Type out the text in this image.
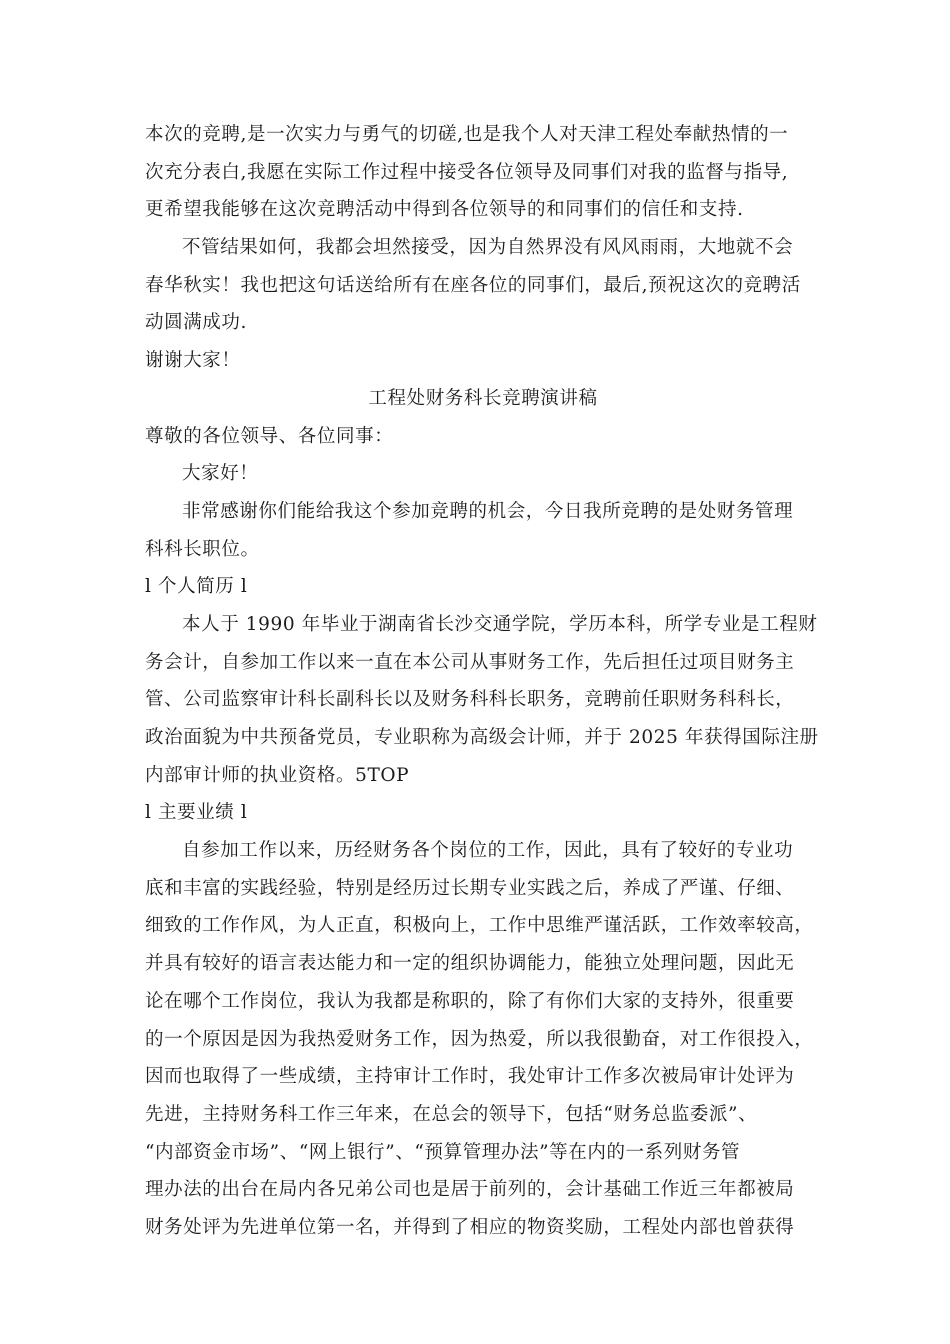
本次的竞聘,是一次实力与勇气的切磋,也是我个人对天津工程处奉献热情的一
次充分表白,我愿在实际工作过程中接受各位领导及同事们对我的监督与指导,
更希望我能够在这次竞聘活动中得到各位领导的和同事们的信任和支持.
不管结果如何，我都会坦然接受，因为自然界没有风风雨雨，大地就不会
春华秋实！我也把这句话送给所有在座各位的同事们，最后,预祝这次的竞聘活
动圆满成功.
谢谢大家！
工程处财务科长竞聘演讲稿
尊敬的各位领导、各位同事：
大家好！
非常感谢你们能给我这个参加竞聘的机会，今日我所竞聘的是处财务管理
科科长职位。
l 个人简历 l
本人于 1990 年毕业于湖南省长沙交通学院，学历本科，所学专业是工程财
务会计，自参加工作以来一直在本公司从事财务工作，先后担任过项目财务主
管、公司监察审计科长副科长以及财务科科长职务，竞聘前任职财务科科长，
政治面貌为中共预备党员，专业职称为高级会计师，并于 2025 年获得国际注册
内部审计师的执业资格。5TOP
l 主要业绩 l
自参加工作以来，历经财务各个岗位的工作，因此，具有了较好的专业功
底和丰富的实践经验，特别是经历过长期专业实践之后，养成了严谨、仔细、
细致的工作作风，为人正直，积极向上，工作中思维严谨活跃，工作效率较高，
并具有较好的语言表达能力和一定的组织协调能力，能独立处理问题，因此无
论在哪个工作岗位，我认为我都是称职的，除了有你们大家的支持外，很重要
的一个原因是因为我热爱财务工作，因为热爱，所以我很勤奋，对工作很投入，
因而也取得了一些成绩，主持审计工作时，我处审计工作多次被局审计处评为
先进，主持财务科工作三年来，在总会的领导下，包括“财务总监委派”、
“内部资金市场”、“网上银行”、“预算管理办法”等在内的一系列财务管
理办法的出台在局内各兄弟公司也是居于前列的，会计基础工作近三年都被局
财务处评为先进单位第一名，并得到了相应的物资奖励，工程处内部也曾获得
